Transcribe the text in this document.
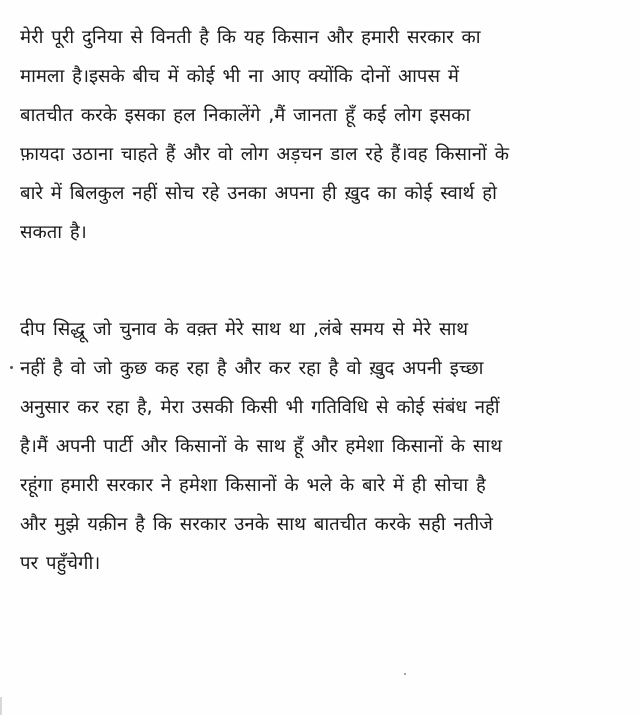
मेरी पूरी दुनिया से विनती है कि यह किसान और हमारी सरकार का
मामला है।इसके बीच में कोई भी ना आए क्योंकि दोनों आपस में
बातचीत करके इसका हल निकालेंगे ,मैं जानता हूँ कई लोग इसका
फ़ायदा उठाना चाहते हैं और वो लोग अड़चन डाल रहे हैं।वह किसानों के
बारे में बिलकुल नहीं सोच रहे उनका अपना ही ख़ुद का कोई स्वार्थ हो
सकता है।
दीप सिद्धू जो चुनाव के वक़्त मेरे साथ था ,लंबे समय से मेरे साथ
नहीं है वो जो कुछ कह रहा है और कर रहा है वो ख़ुद अपनी इच्छा
अनुसार कर रहा है, मेरा उसकी किसी भी गतिविधि से कोई संबंध नहीं
है।मैं अपनी पार्टी और किसानों के साथ हूँ और हमेशा किसानों के साथ
रहूंगा हमारी सरकार ने हमेशा किसानों के भले के बारे में ही सोचा है
और मुझे यक़ीन है कि सरकार उनके साथ बातचीत करके सही नतीजे
पर पहुँचेगी।
